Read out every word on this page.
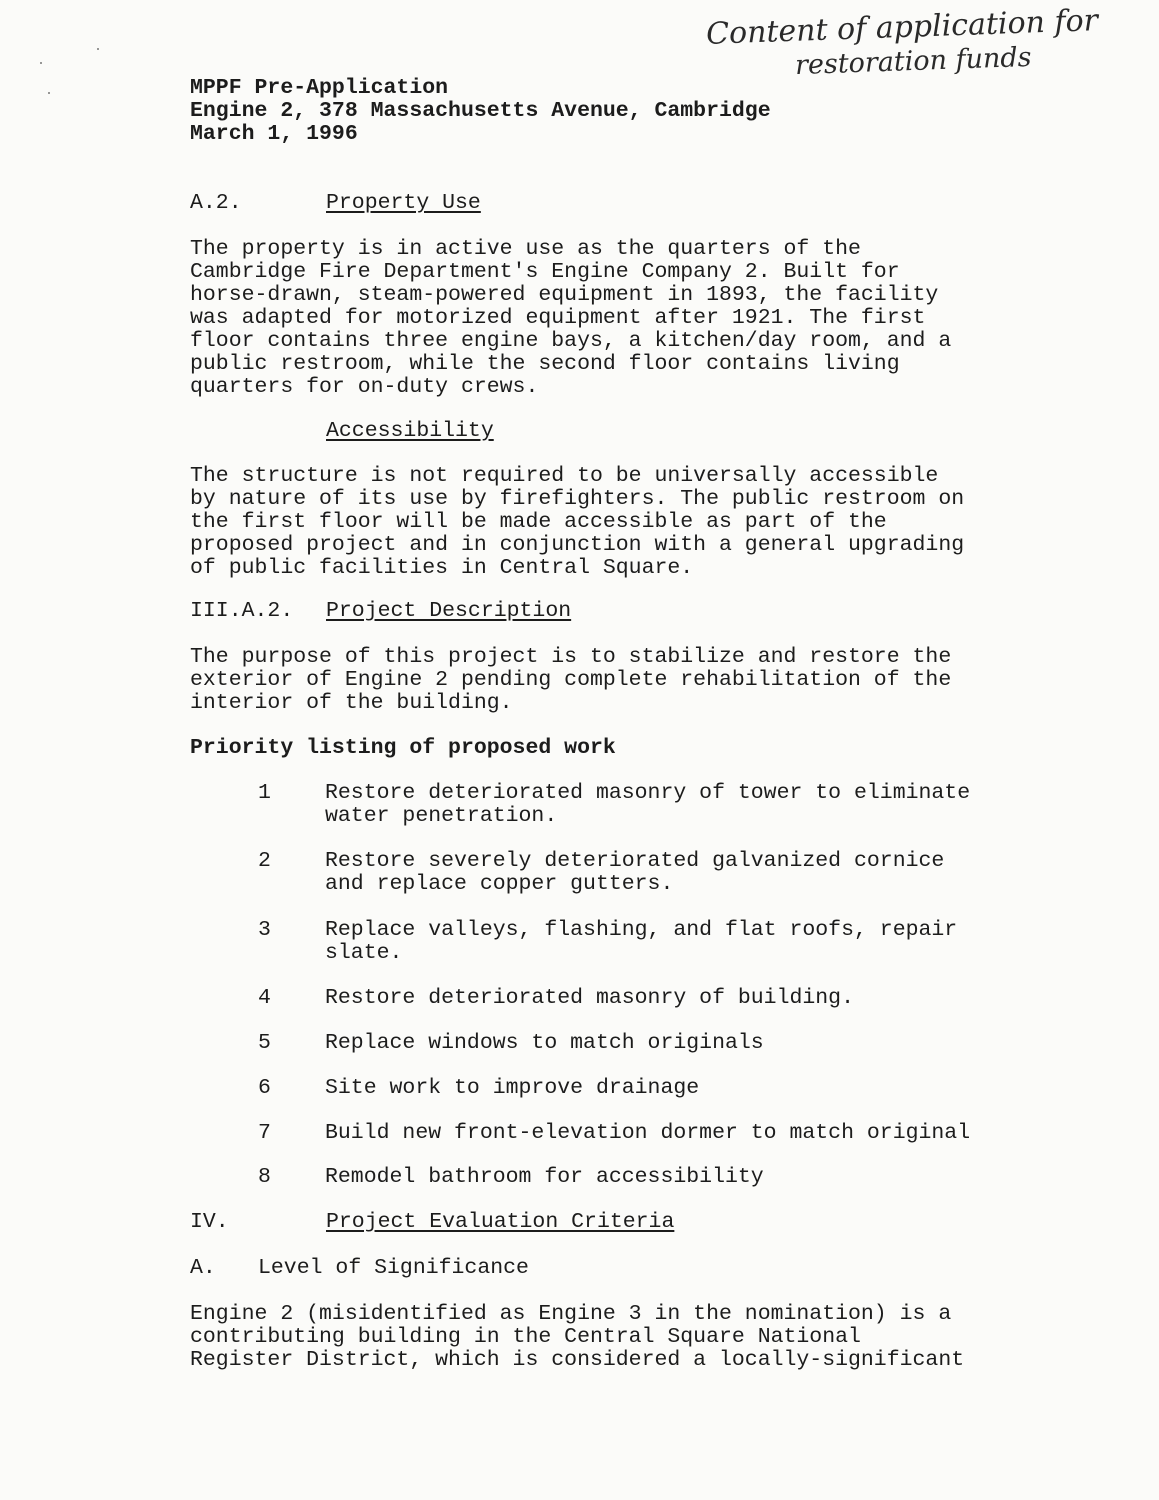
Content of application for
restoration funds
MPPF Pre-Application
Engine 2, 378 Massachusetts Avenue, Cambridge
March 1, 1996
A.2.	Property Use
The property is in active use as the quarters of the
Cambridge Fire Department's Engine Company 2. Built for
horse-drawn, steam-powered equipment in 1893, the facility
was adapted for motorized equipment after 1921. The first
floor contains three engine bays, a kitchen/day room, and a
public restroom, while the second floor contains living
quarters for on-duty crews.
Accessibility
The structure is not required to be universally accessible
by nature of its use by firefighters. The public restroom on
the first floor will be made accessible as part of the
proposed project and in conjunction with a general upgrading
of public facilities in Central Square.
III.A.2. Project Description
The purpose of this project is to stabilize and restore the
exterior of Engine 2 pending complete rehabilitation of the
interior of the building.
Priority listing of proposed work
1	Restore deteriorated masonry of tower to eliminate
water penetration.
2	Restore severely deteriorated galvanized cornice
and replace copper gutters.
3	Replace valleys, flashing, and flat roofs, repair
slate.
4	Restore deteriorated masonry of building.
5	Replace windows to match originals
6	Site work to improve drainage
7	Build new front-elevation dormer to match original
8	Remodel bathroom for accessibility
IV.	Project Evaluation Criteria
A. Level of Significance
Engine 2 (misidentified as Engine 3 in the nomination) is a
contributing building in the Central Square National
Register District, which is considered a locally-significant
